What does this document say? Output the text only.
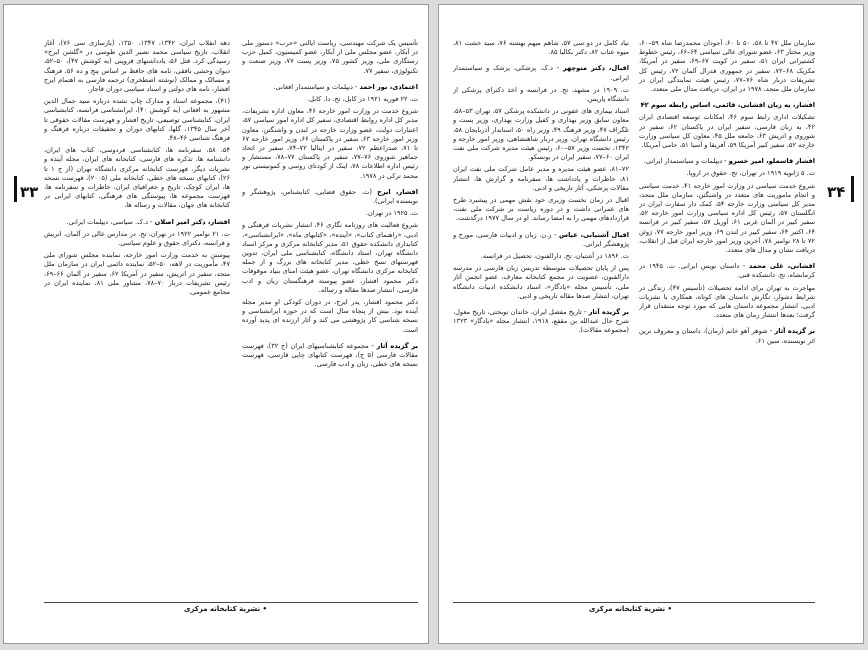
تأسیس یک شرکت مهندسی، ریاست ایالتی «حرب» دستور ملی در آبکار، عضو مجلس ملی از آبکار، عضو کمیسیون، کمیل حزب رستگاری ملی، وزیر کشور ۷۵، وزیر پست ۷۷، وزیر صنعت و تکنولوژی، سفیر ۷۷.

اعتمادی، نور احمد - دیپلمات و سیاستمدار افغانی.

ت. ۲۲ فوریه ۱۹۲۱ در کابل، تح. دا. کابل.

شروع خدمت در وزارت امور خارجه ۴۶، معاون اداره تشریفات، مدیر کل اداره روابط اقتصادی، سفیر کل اداره امور سیاسی ۵۷، اعتبارات دولت، عضو وزارت خارجه در لندن و واشنگتن، معاون وزیر امور خارجه ۶۳، سفیر در پاکستان ۶۶، وزیر امور خارجه ۶۷ تا ۷۱، صدراعظم ۷۲، سفیر در ایتالیا ۷۲–۷۴، سفیر در اتحاد جماهیر شوروی ۷۶–۷۷، سفیر در پاکستان ۷۷–۷۸، مستشار و رئیس اداره اطلاعات ۷۸، اینک از کودتای روسی و کمونیستی نور محمد ترکی در ۱۹۷۸.

افشار، ایرج (ت. حقوق قضایی، کتابشناس، پژوهشگر و نویسنده ایرانی).

ت. ۱۹۲۵ در تهران.

شروع فعالیت های روزنامه نگاری ۴۶، انتشار نشریات فرهنگی و ادبی، «راهنمای کتاب»، «آینده»، «کتابهای ماه»، «ایرانشناسی»، کتابداری دانشکده حقوق ۵۱، مدیر کتابخانه مرکزی و مرکز اسناد دانشگاه تهران، استاد دانشگاه، کتابشناسی ملی ایران، تدوین فهرستهای نسخ خطی، مدیر کتابخانه های بزرگ و از جمله کتابخانه مرکزی دانشگاه تهران، عضو هیئت امنای بنیاد موقوفات دکتر محمود افشار، عضو پیوسته فرهنگستان زبان و ادب فارسی، انتشار صدها مقاله و رساله.

دکتر محمود افشار، پدر ایرج، در دوران کودکی او مدیر مجله آینده بود. بیش از پنجاه سال است که در حوزه ایرانشناسی و نسخه شناسی کار پژوهشی می کند و آثار ارزنده ای پدید آورده است.

بر گزیده آثار - مجموعه کتابشناسیهای ایران (ج ۳۲)، فهرست مقالات فارسی (۵ ج)، فهرست کتابهای چاپی فارسی، فهرست نسخه های خطی، زبان و ادب فارسی.

دهه انقلاب ایران، ۱۳۴۲، ۱۳۴۷، ۱۳۵۰، (بازسازی سی ۷۶)، آغاز انقلاب. تاریخ سیاسی محمد نصیر الدین طوسی در «گلشن ابرج» رسیدگی کرد. قتل ۵۶، یادداشتهای قزوینی (به کوشش ۴۷)، ۵۰–۵۲، دیوان وحشی بافقی، نامه های حافظ بر اساس پنج و ده ۵۶، فرهنگ و مسالک و ممالک (نوشته اصطخری) ترجمه فارسی به اهتمام ایرج افشار، نامه های دولتی و اسناد سیاسی دوران قاجار.

(۴۱)، مجموعه اسناد و مدارک چاپ نشده درباره سید جمال الدین مشهور به افغانی (به کوشش ۴۰)، ایرانشناسی فرانسه، کتابشناسی ایران، کتابشناسی توصیفی، تاریخ افشار و فهرست مقالات حقوقی تا آخر سال ۱۳۴۵، گلها، کتابهای دوران و تحقیقات درباره فرهنگ و فرهنگ شناسی ۴۶–۴۸.

۵۴، ۵۸، سفرنامه ها، کتابشناسی فردوسی، کتاب های ایران، دانشنامه ها، تذکره های فارسی، کتابخانه های ایران، مجله آینده و نشریات دیگر، فهرست کتابخانه مرکزی دانشگاه تهران (از ج ۱ تا ۲۶)، کتابهای نسخه های خطی، کتابخانه ملی (۲۰۰۵)، فهرست نسخه ها، ایران کوچک، تاریخ و جغرافیای ایران، خاطرات و سفرنامه ها، فهرست مجموعه ها، پیوستگی های فرهنگی، کتابهای ایرانی در کتابخانه های جهان، مقالات و رساله ها.

افشار، دکتر امیر اصلان - د.ک. سیاسی، دیپلمات ایرانی.

ت. ۲۱ نوامبر ۱۹۲۲ در تهران، تح. در مدارس عالی در آلمان، اتریش و فرانسه، دکترای حقوق و علوم سیاسی.

پیوستن به خدمت وزارت امور خارجه، نماینده مجلس شورای ملی ۴۷، مأموریت در لاهه، ۵۰–۵۲، نماینده دائمی ایران در سازمان ملل متحد، سفیر در اتریش، سفیر در آمریکا ۶۲، سفیر در آلمان ۶۶–۶۹، رئیس تشریفات دربار ۷۰–۷۸، مشاور ملی ۸۱، نماینده ایران در مجامع عمومی.

۳۳
• نشریة کتابخانه مرکزی

سازمان ملل ۴۷ تا ۵۸، ۵۰ تا ۶۰، آجودان محمدرضا شاه ۵۹–۶۰، وزیر مختار ۶۳، عضو شورای عالی سیاسی ۶۴–۶۶، رئیس خطوط کشتیرانی ایران ۵۱، سفیر در کویت ۶۷–۶۹، سفیر در آمریکا، مکزیک ۶۸–۷۲، سفیر در جمهوری فدرال آلمان ۷۲، رئیس کل تشریفات دربار شاه ۷۶–۷۷، رئیس هیئت نمایندگی ایران در سازمان ملل متحد، ۱۹۷۸ در ایران، دریافت مدال ملی متعدد.

افشار، یه زبان افشانی، قائمی، اساس رابطه سوم ۴۲

تشکیلات اداری رابط سوم ۴۶، امکانات توسعه اقتصادی ایران ۴۲، به زبان فارسی، سفیر ایران در پاکستان ۶۲، سفیر در شوروی و اتریش ۶۳، جامعه ملل ۴۵، معاون کل سیاسی وزارت خارجه ۵۲، سفیر کبیر آمریکا ۵۹، آفریقا و آسیا ۵۱، حامی آمریکا.

افشار قاسملو، امیر خسرو - دیپلمات و سیاستمدار ایرانی.

ت. ۵ ژانویه ۱۹۱۹ در تهران، تح. حقوق در اروپا.

شروع خدمت سیاسی در وزارت امور خارجه ۴۱، خدمت سیاسی و انجام ماموریت های متعدد در واشنگتن، سازمان ملل متحد، مدیر کل سیاسی وزارت خارجه ۵۴، کمک دار سفارت ایران در انگلستان ۵۷، رئیس کل اداره سیاسی وزارت امور خارجه ۵۲، سفیر کبیر در آلمان غربی ۶۱، آوریل ۵۷، سفیر کبیر در فرانسه ۶۴، اکتبر ۶۴، سفیر کبیر در لندن ۶۹، وزیر امور خارجه ۷۷، ژوئن ۷۲ تا ۲۸ نوامبر ۷۸، آخرین وزیر امور خارجه ایران قبل از انقلاب، دریافت نشان و مدال های متعدد.

افشانی، علی محمد - داستان نویس ایرانی. ت. ۱۹۴۵ در کرمانشاه، تح. دانشکده فنی.

مهاجرت به تهران برای ادامه تحصیلات (تأسیس ۴۷)، زندگی در شرایط دشوار، نگارش داستان های کوتاه، همکاری با نشریات ادبی، انتشار مجموعه داستان هایی که مورد توجه منتقدان قرار گرفت؛ بعدها انتشار رمان های متعدد.

بر گزیده آثار - شوهر آهو خانم (رمان)، داستان و معروف ترین اثر نویسنده، سین ۶۱.

نیاد کامل در دو سی ۵۷، شاهم میهم بهشته ۷۶، سید خشت ۸۱، میوه عناب ۸۲، دکتر بکالیا ۸۵.

اقبال، دکتر منوچهر - د.ک. پزشکی، پزشک و سیاستمدار ایرانی.

ت. ۱۹۰۹ در مشهد، تح. در فرانسه و اخذ دکترای پزشکی از دانشگاه پاریس.

استاد بیماری های عفونی در دانشکده پزشکی ۵۷، تهران ۵۳–۵۸، معاون سابق وزیر بهداری و کفیل وزارت بهداری، وزیر پست و تلگراف ۴۷، وزیر فرهنگ ۴۹، وزیر راه ۵۰، استاندار آذربایجان ۵۸، رئیس دانشگاه تهران، وزیر دربار شاهنشاهی، وزیر امور خارجه و ۱۳۴۲، نخست وزیر ۵۷–۶۰، رئیس هیئت مدیره شرکت ملی نفت ایران ۶۰–۷۷، سفیر ایران در یونسکو.

۷۲–۸۱، عضو هیئت مدیره و مدیر عامل شرکت ملی نفت ایران ۸۱، خاطرات و یادداشت ها، سفرنامه و گزارش ها، انتشار مقالات پزشکی، آثار تاریخی و ادبی.

اقبال در زمان نخست وزیری خود نقش مهمی در پیشبرد طرح های عمرانی داشت و در دوره ریاست بر شرکت ملی نفت، قراردادهای مهمی را به امضا رساند. او در سال ۱۹۷۷ درگذشت.

اقبال آشتیانی، عباس - ز.ن. زبان و ادبیات فارسی، مورخ و پژوهشگر ایرانی.

ت. ۱۸۹۶ در آشتیان، تح. دارالفنون، تحصیل در فرانسه.

پس از پایان تحصیلات متوسطه تدریس زبان فارسی در مدرسه دارالفنون، عضویت در مجمع کتابخانه معارف، عضو انجمن آثار ملی، تأسیس مجله «یادگار»، استاد دانشکده ادبیات دانشگاه تهران، انتشار صدها مقاله تاریخی و ادبی.

بر گزیده آثار - تاریخ مفصل ایران، خاندان نوبختی، تاریخ مغول، شرح حال عبدالله بن مقفع، ۱۹۱۸، انتشار مجله «یادگار» ۱۳۲۳ (مجموعه مقالات).

۳۴
• نشریة کتابخانه مرکزی
